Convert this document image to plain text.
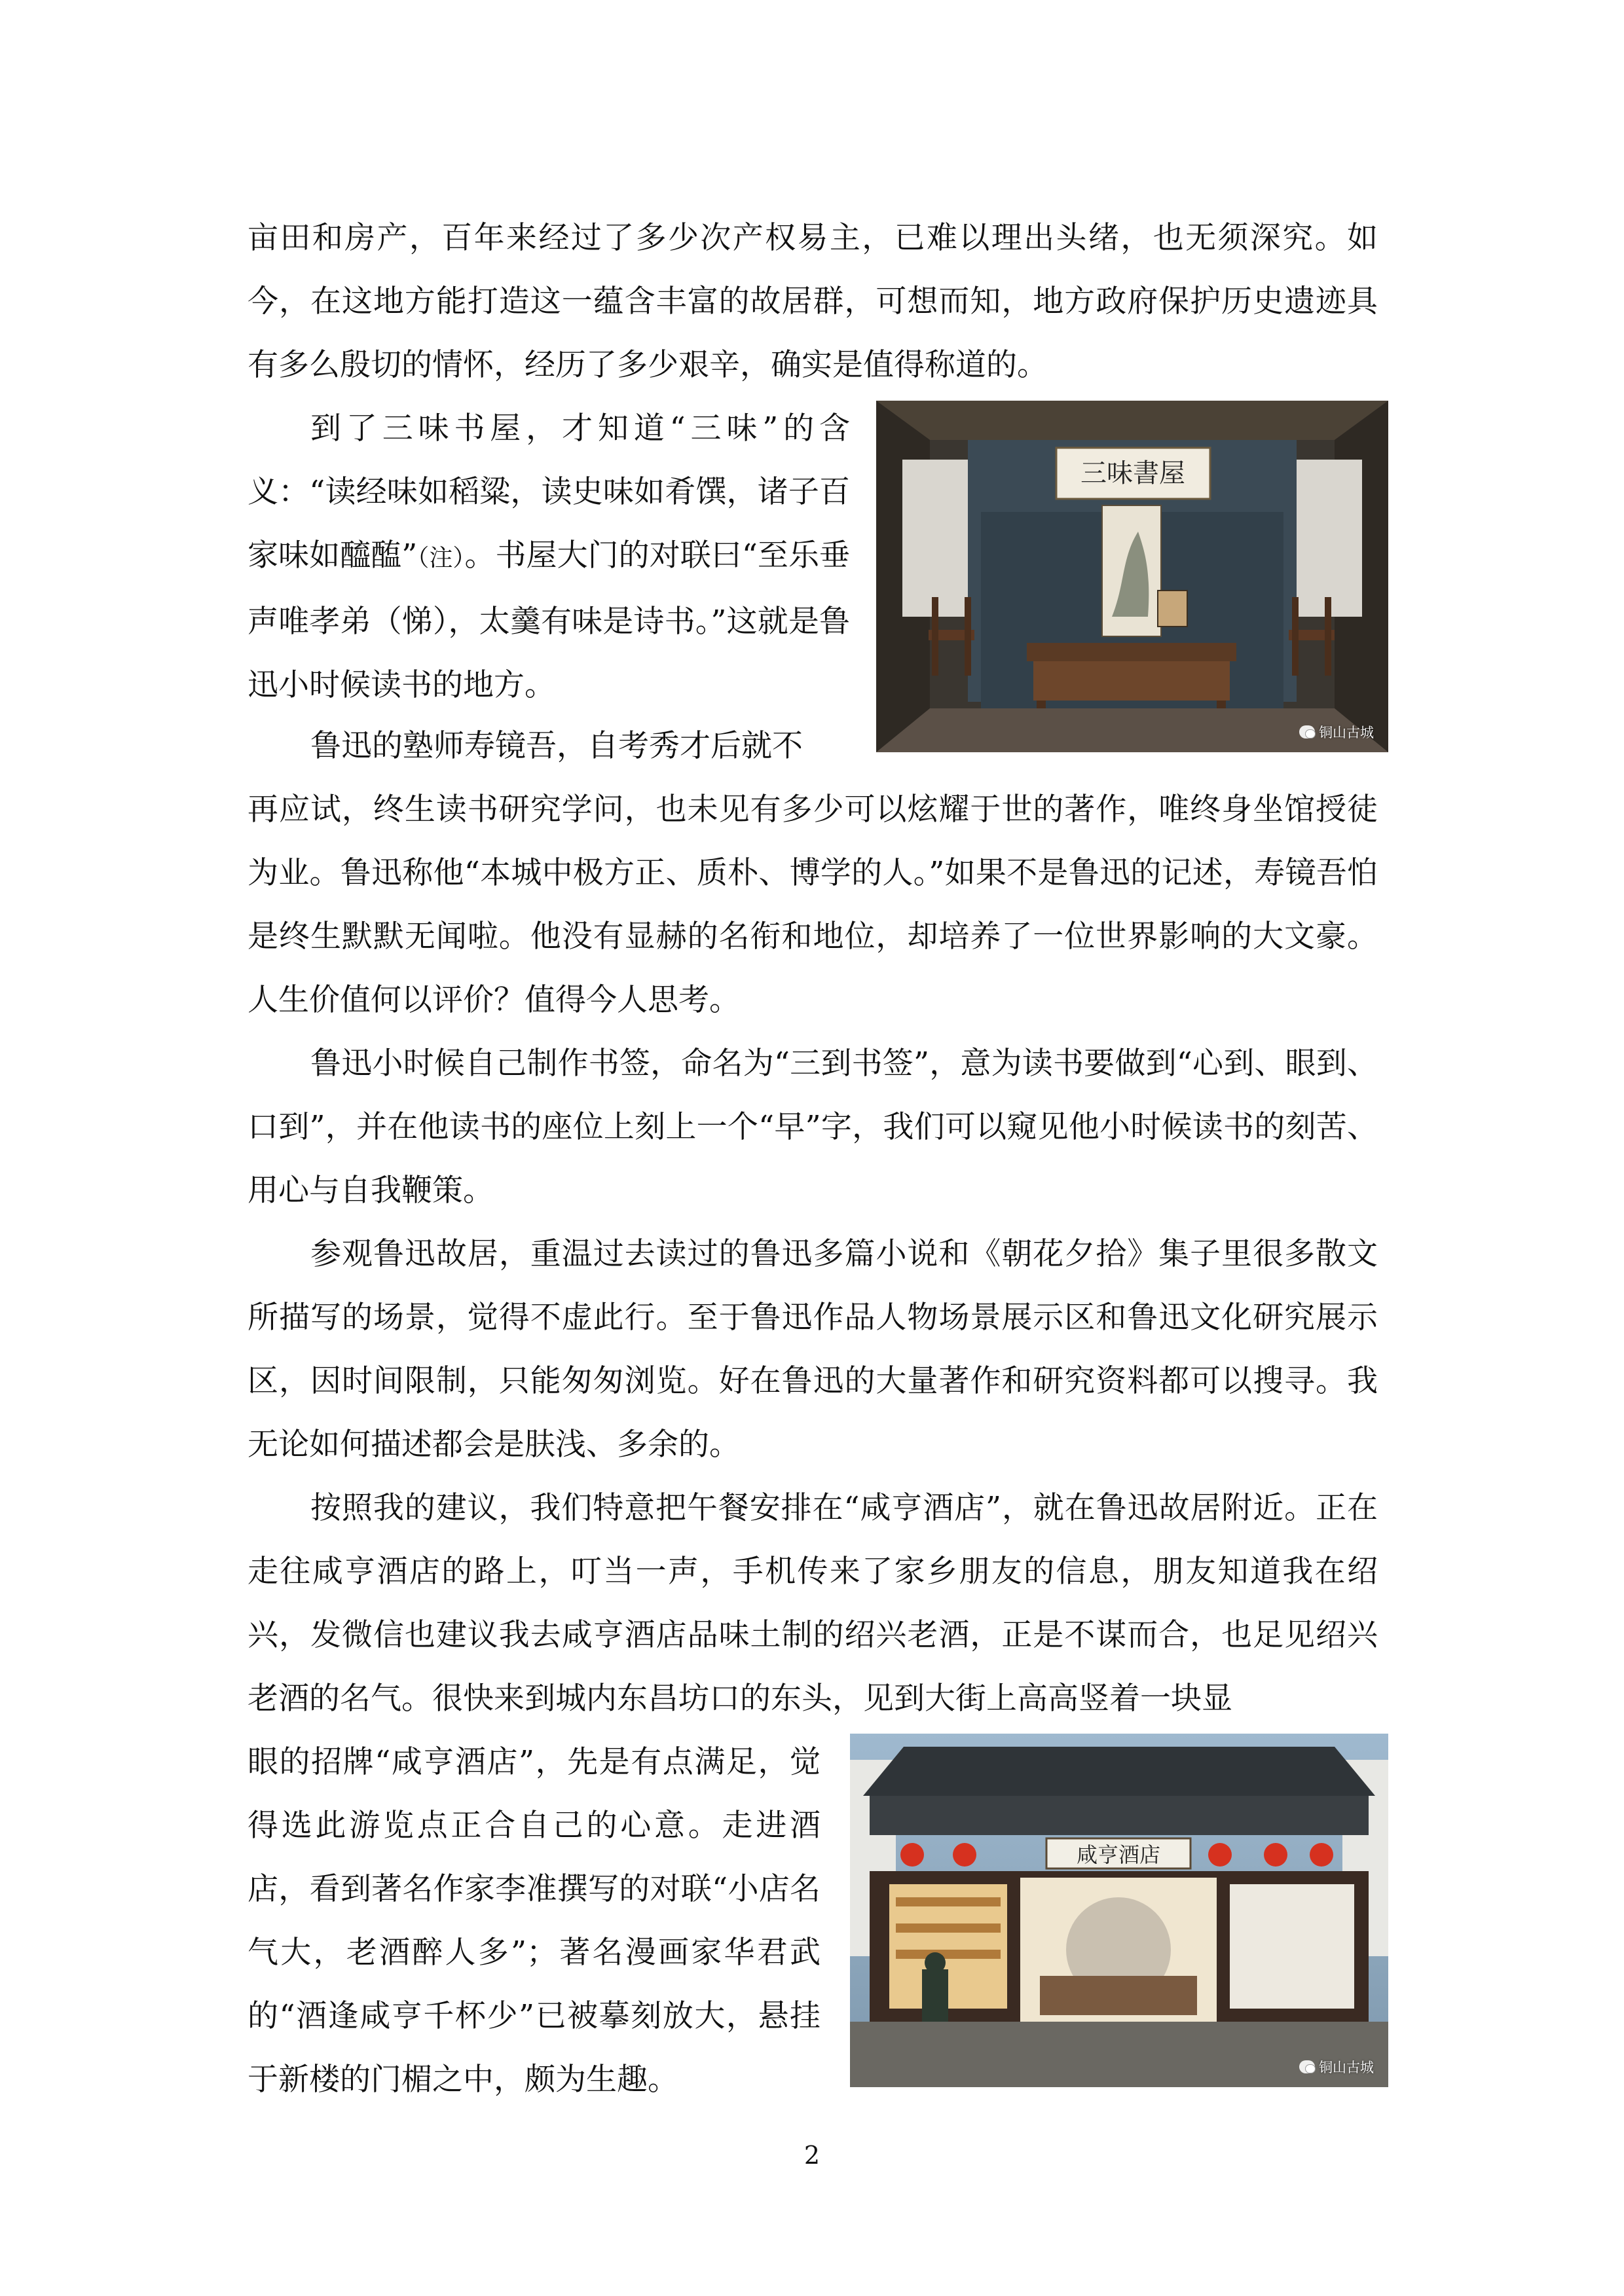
亩田和房产，百年来经过了多少次产权易主，已难以理出头绪，也无须深究。如今，在这地方能打造这一蕴含丰富的故居群，可想而知，地方政府保护历史遗迹具有多么殷切的情怀，经历了多少艰辛，确实是值得称道的。

到了三味书屋，才知道“三味”的含义：“读经味如稻粱，读史味如肴馔，诸子百家味如醯醢”（注）。书屋大门的对联曰“至乐垂声唯孝弟（悌），太羹有味是诗书。”这就是鲁迅小时候读书的地方。

鲁迅的塾师寿镜吾，自考秀才后就不

再应试，终生读书研究学问，也未见有多少可以炫耀于世的著作，唯终身坐馆授徒为业。鲁迅称他“本城中极方正、质朴、博学的人。”如果不是鲁迅的记述，寿镜吾怕是终生默默无闻啦。他没有显赫的名衔和地位，却培养了一位世界影响的大文豪。人生价值何以评价？值得今人思考。

鲁迅小时候自己制作书签，命名为“三到书签”，意为读书要做到“心到、眼到、口到”，并在他读书的座位上刻上一个“早”字，我们可以窥见他小时候读书的刻苦、用心与自我鞭策。

参观鲁迅故居，重温过去读过的鲁迅多篇小说和《朝花夕拾》集子里很多散文所描写的场景，觉得不虚此行。至于鲁迅作品人物场景展示区和鲁迅文化研究展示区，因时间限制，只能匆匆浏览。好在鲁迅的大量著作和研究资料都可以搜寻。我无论如何描述都会是肤浅、多余的。

按照我的建议，我们特意把午餐安排在“咸亨酒店”，就在鲁迅故居附近。正在走往咸亨酒店的路上，叮当一声，手机传来了家乡朋友的信息，朋友知道我在绍兴，发微信也建议我去咸亨酒店品味土制的绍兴老酒，正是不谋而合，也足见绍兴老酒的名气。很快来到城内东昌坊口的东头，见到大街上高高竖着一块显

眼的招牌“咸亨酒店”，先是有点满足，觉得选此游览点正合自己的心意。走进酒店，看到著名作家李准撰写的对联“小店名气大，老酒醉人多”；著名漫画家华君武的“酒逢咸亨千杯少”已被摹刻放大，悬挂于新楼的门楣之中，颇为生趣。

三味書屋
铜山古城
咸亨酒店
铜山古城
2
